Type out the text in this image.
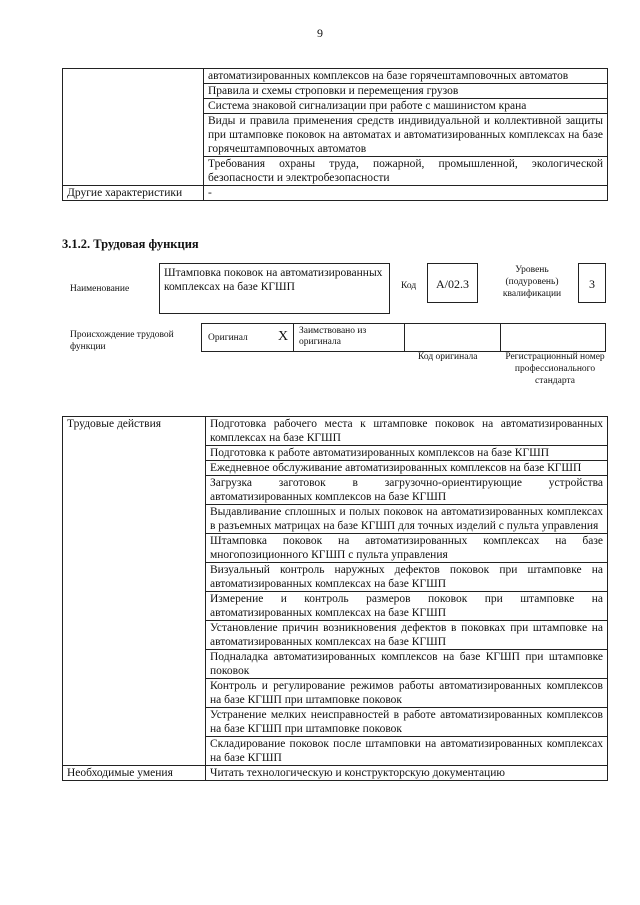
9
	автоматизированных комплексов на базе горячештамповочных автоматов
	Правила и схемы строповки и перемещения грузов
	Система знаковой сигнализации при работе с машинистом крана
	Виды и правила применения средств индивидуальной и коллективной защиты при штамповке поковок на автоматах и автоматизированных комплексах на базе горячештамповочных автоматов
	Требования охраны труда, пожарной, промышленной, экологической безопасности и электробезопасности
Другие характеристики	-
3.1.2. Трудовая функция
Наименование
Штамповка поковок на автоматизированных комплексах на базе КГШП	Код	А/02.3
Уровень (подуровень) квалификации
3
Происхождение трудовой функции
Оригинал X Заимствовано из оригинала
Код оригинала	Регистрационный номер профессионального стандарта
Трудовые действия	Подготовка рабочего места к штамповке поковок на автоматизированных комплексах на базе КГШП
	Подготовка к работе автоматизированных комплексов на базе КГШП
	Ежедневное обслуживание автоматизированных комплексов на базе КГШП
	Загрузка заготовок в загрузочно-ориентирующие устройства автоматизированных комплексов на базе КГШП
	Выдавливание сплошных и полых поковок на автоматизированных комплексах в разъемных матрицах на базе КГШП для точных изделий с пульта управления
	Штамповка поковок на автоматизированных комплексах на базе многопозиционного КГШП с пульта управления
	Визуальный контроль наружных дефектов поковок при штамповке на автоматизированных комплексах на базе КГШП
	Измерение и контроль размеров поковок при штамповке на автоматизированных комплексах на базе КГШП
	Установление причин возникновения дефектов в поковках при штамповке на автоматизированных комплексах на базе КГШП
	Подналадка автоматизированных комплексов на базе КГШП при штамповке поковок
	Контроль и регулирование режимов работы автоматизированных комплексов на базе КГШП при штамповке поковок
	Устранение мелких неисправностей в работе автоматизированных комплексов на базе КГШП при штамповке поковок
	Складирование поковок после штамповки на автоматизированных комплексах на базе КГШП
Необходимые умения	Читать технологическую и конструкторскую документацию
